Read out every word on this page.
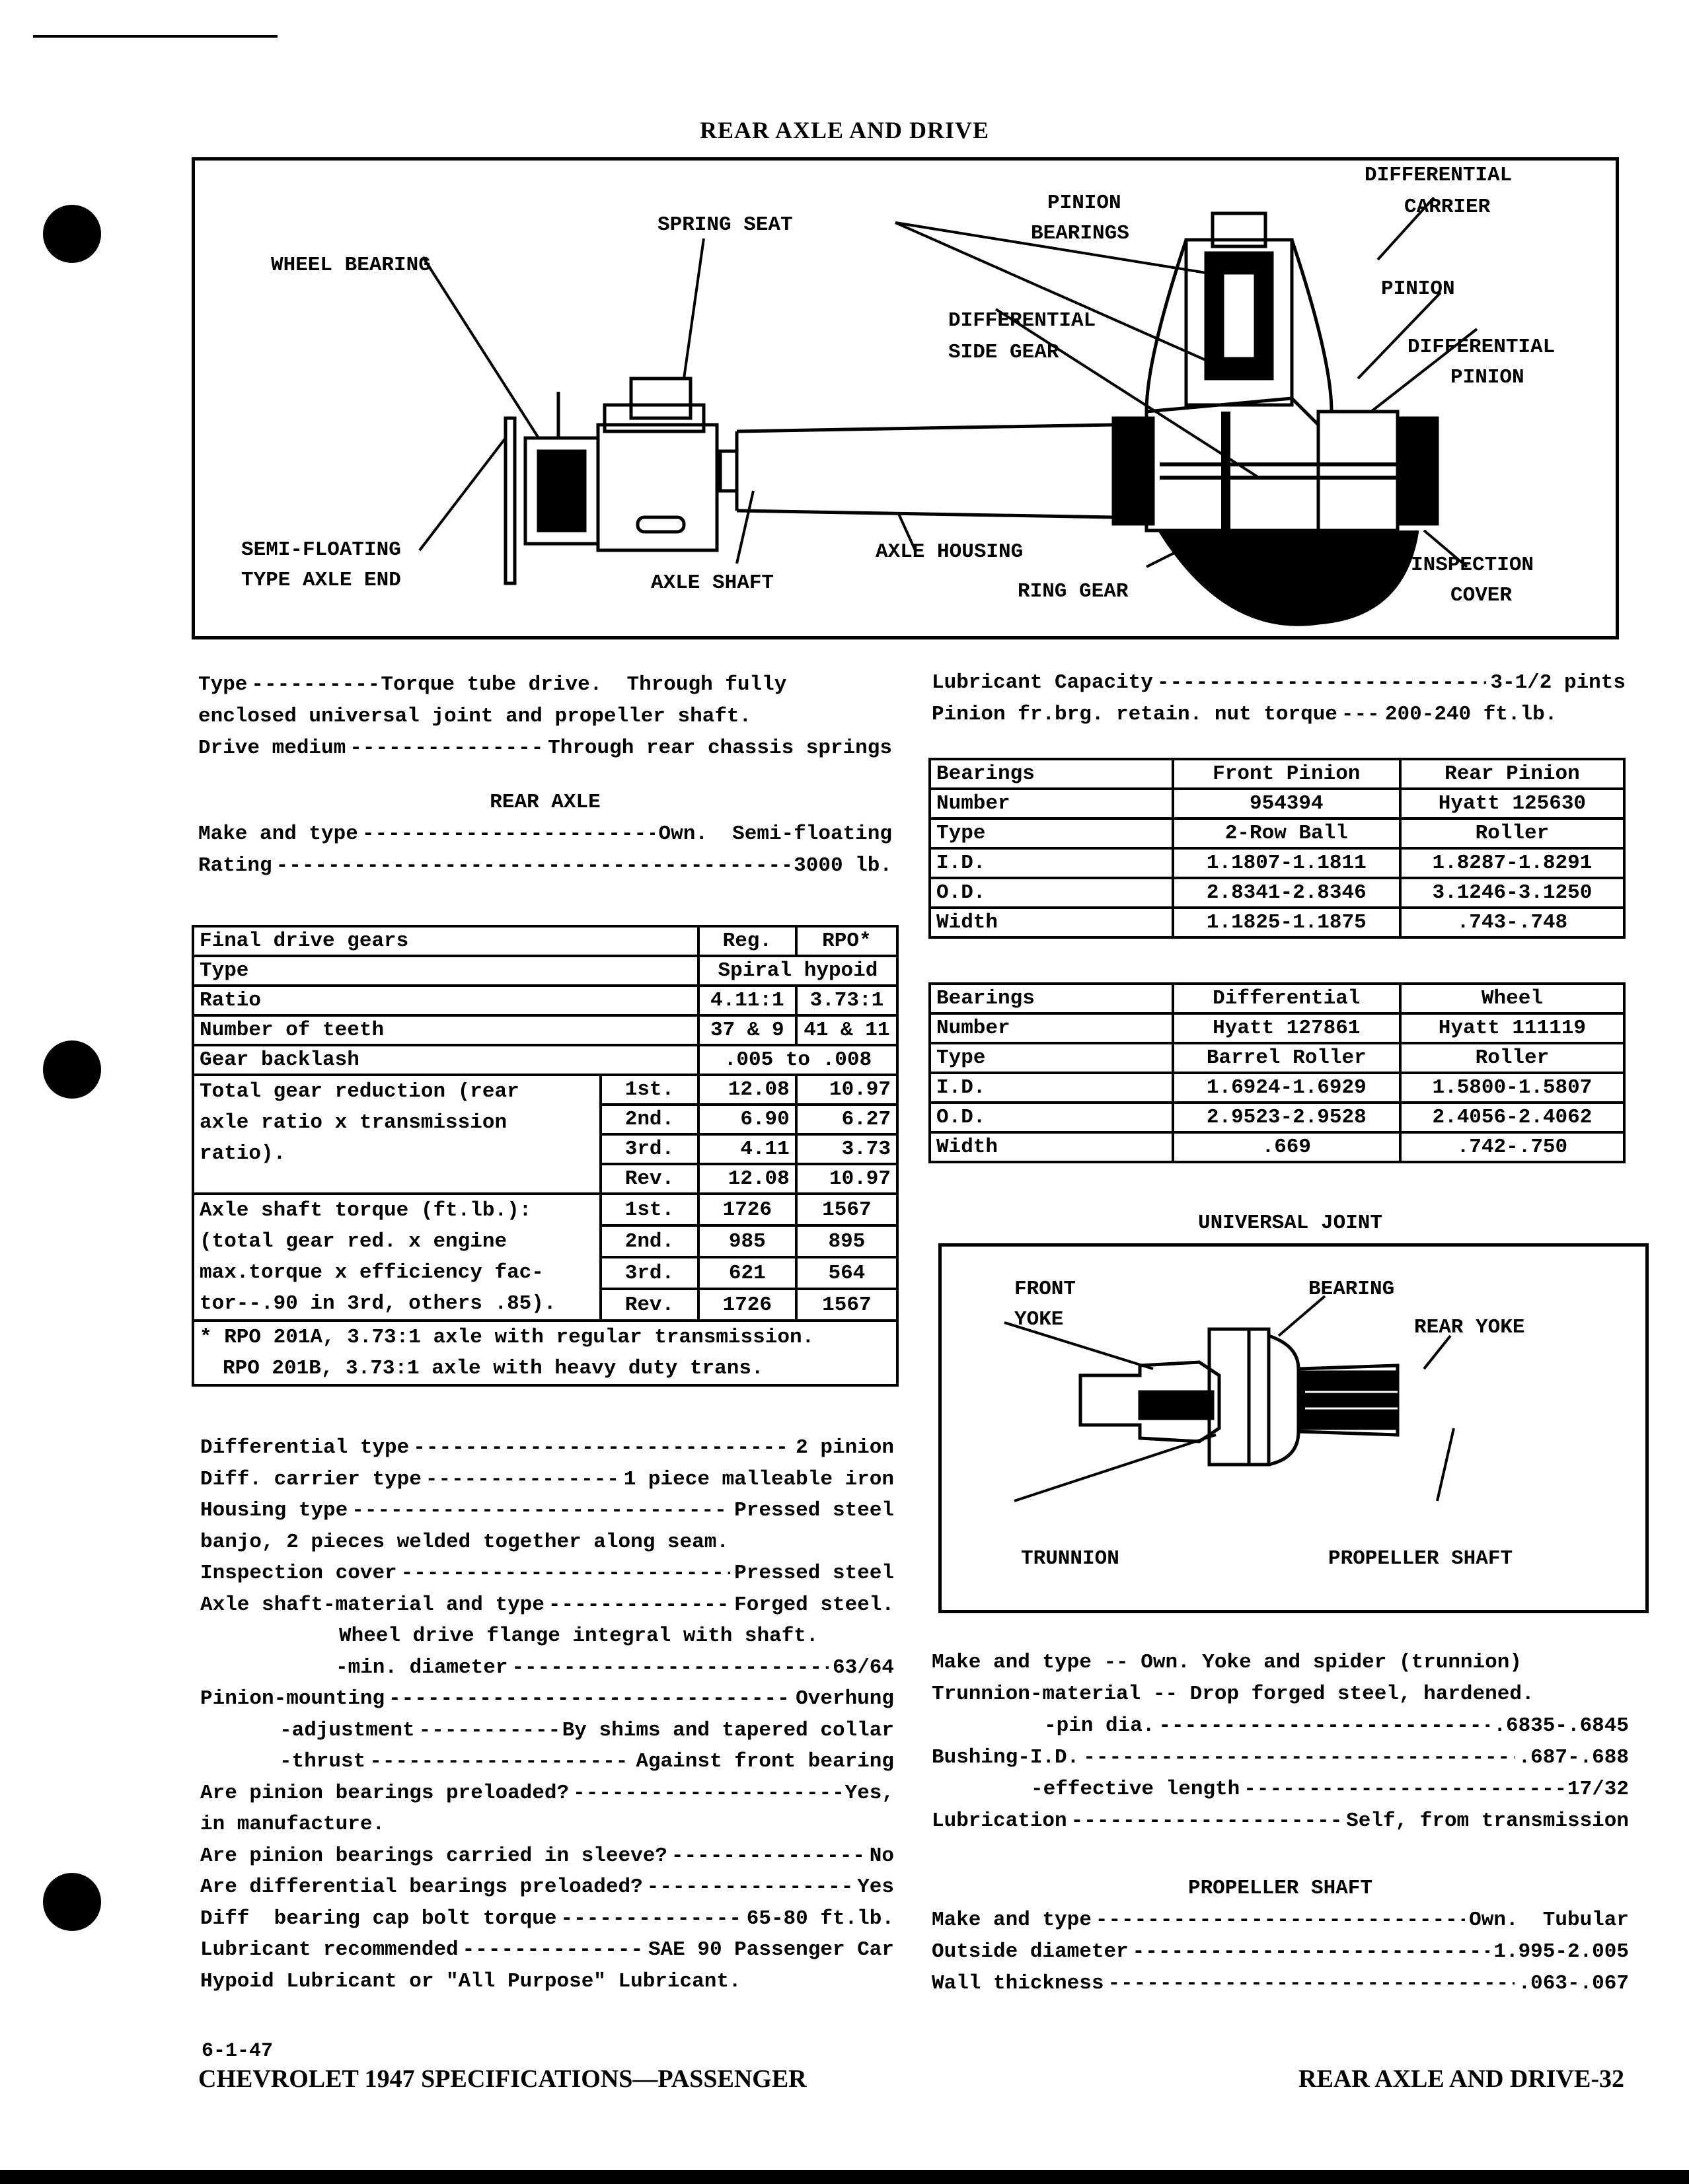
REAR AXLE AND DRIVE
WHEEL BEARING
SPRING SEAT
SEMI-FLOATING
TYPE AXLE END	AXLE SHAFT
AXLE HOUSING
RING GEAR
PINION
BEARINGS
DIFFERENTIAL
CARRIER
PINION
DIFFERENTIAL
SIDE GEAR	DIFFERENTIAL
PINION
INSPECTION
COVER
Type -----	Torque tube drive.  Through fully
enclosed universal joint and propeller shaft.
Drive medium -----	Through rear chassis springs
REAR AXLE
Make and type -----	Own.  Semi-floating
Rating -----	3000 lb.
Final drive gears		Reg.	RPO*
Type		Spiral hypoid	
Ratio		4.11:1	3.73:1
Number of teeth		37 & 9	41 & 11
Gear backlash		.005 to .008	

Total gear reduction (rear
axle ratio x transmission
ratio).	1st.	12.08	10.97
	2nd.	6.90	6.27
	3rd.	4.11	3.73
	Rev.	12.08	10.97

Axle shaft torque (ft.lb.):
(total gear red. x engine
max.torque x efficiency fac-
tor--.90 in 3rd, others .85).	1st.	1726	1567
	2nd.	985	895
	3rd.	621	564
	Rev.	1726	1567

* RPO 201A, 3.73:1 axle with regular transmission.
RPO 201B, 3.73:1 axle with heavy duty trans.			
Differential type -----	2 pinion
Diff. carrier type -----	1 piece malleable iron
Housing type -----	Pressed steel
banjo, 2 pieces welded together along seam.
Inspection cover -----	Pressed steel
Axle shaft-material and type -----	Forged steel.
Wheel drive flange integral with shaft.
-min. diameter -----	63/64
Pinion-mounting -----	Overhung
-adjustment -----	By shims and tapered collar
-thrust -----	Against front bearing
Are pinion bearings preloaded? -----	Yes,
in manufacture.
Are pinion bearings carried in sleeve? -----	No
Are differential bearings preloaded? -----	Yes
Diff  bearing cap bolt torque -----	65-80 ft.lb.
Lubricant recommended -----	SAE 90 Passenger Car
Hypoid Lubricant or "All Purpose" Lubricant.
Lubricant Capacity -----	3-1/2 pints
Pinion fr.brg. retain. nut torque ----- 200-240 ft.lb.
Bearings	Front Pinion	Rear Pinion
Number	954394	Hyatt 125630
Type	2-Row Ball	Roller
I.D.	1.1807-1.1811	1.8287-1.8291
O.D.	2.8341-2.8346	3.1246-3.1250
Width	1.1825-1.1875	.743-.748
Bearings	Differential	Wheel
Number	Hyatt 127861	Hyatt 111119
Type	Barrel Roller	Roller
I.D.	1.6924-1.6929	1.5800-1.5807
O.D.	2.9523-2.9528	2.4056-2.4062
Width	.669	.742-.750
UNIVERSAL JOINT
FRONT
YOKE
BEARING
REAR YOKE
TRUNNION	PROPELLER SHAFT
Make and type -- Own. Yoke and spider (trunnion)
Trunnion-material -- Drop forged steel, hardened.
-pin dia. -----	.6835-.6845
Bushing-I.D. -----	.687-.688
-effective length -----	17/32
Lubrication -----	Self, from transmission
PROPELLER SHAFT
Make and type -----	Own.  Tubular
Outside diameter -----	1.995-2.005
Wall thickness -----	.063-.067
6-1-47
CHEVROLET 1947 SPECIFICATIONS—PASSENGER	REAR AXLE AND DRIVE-32
